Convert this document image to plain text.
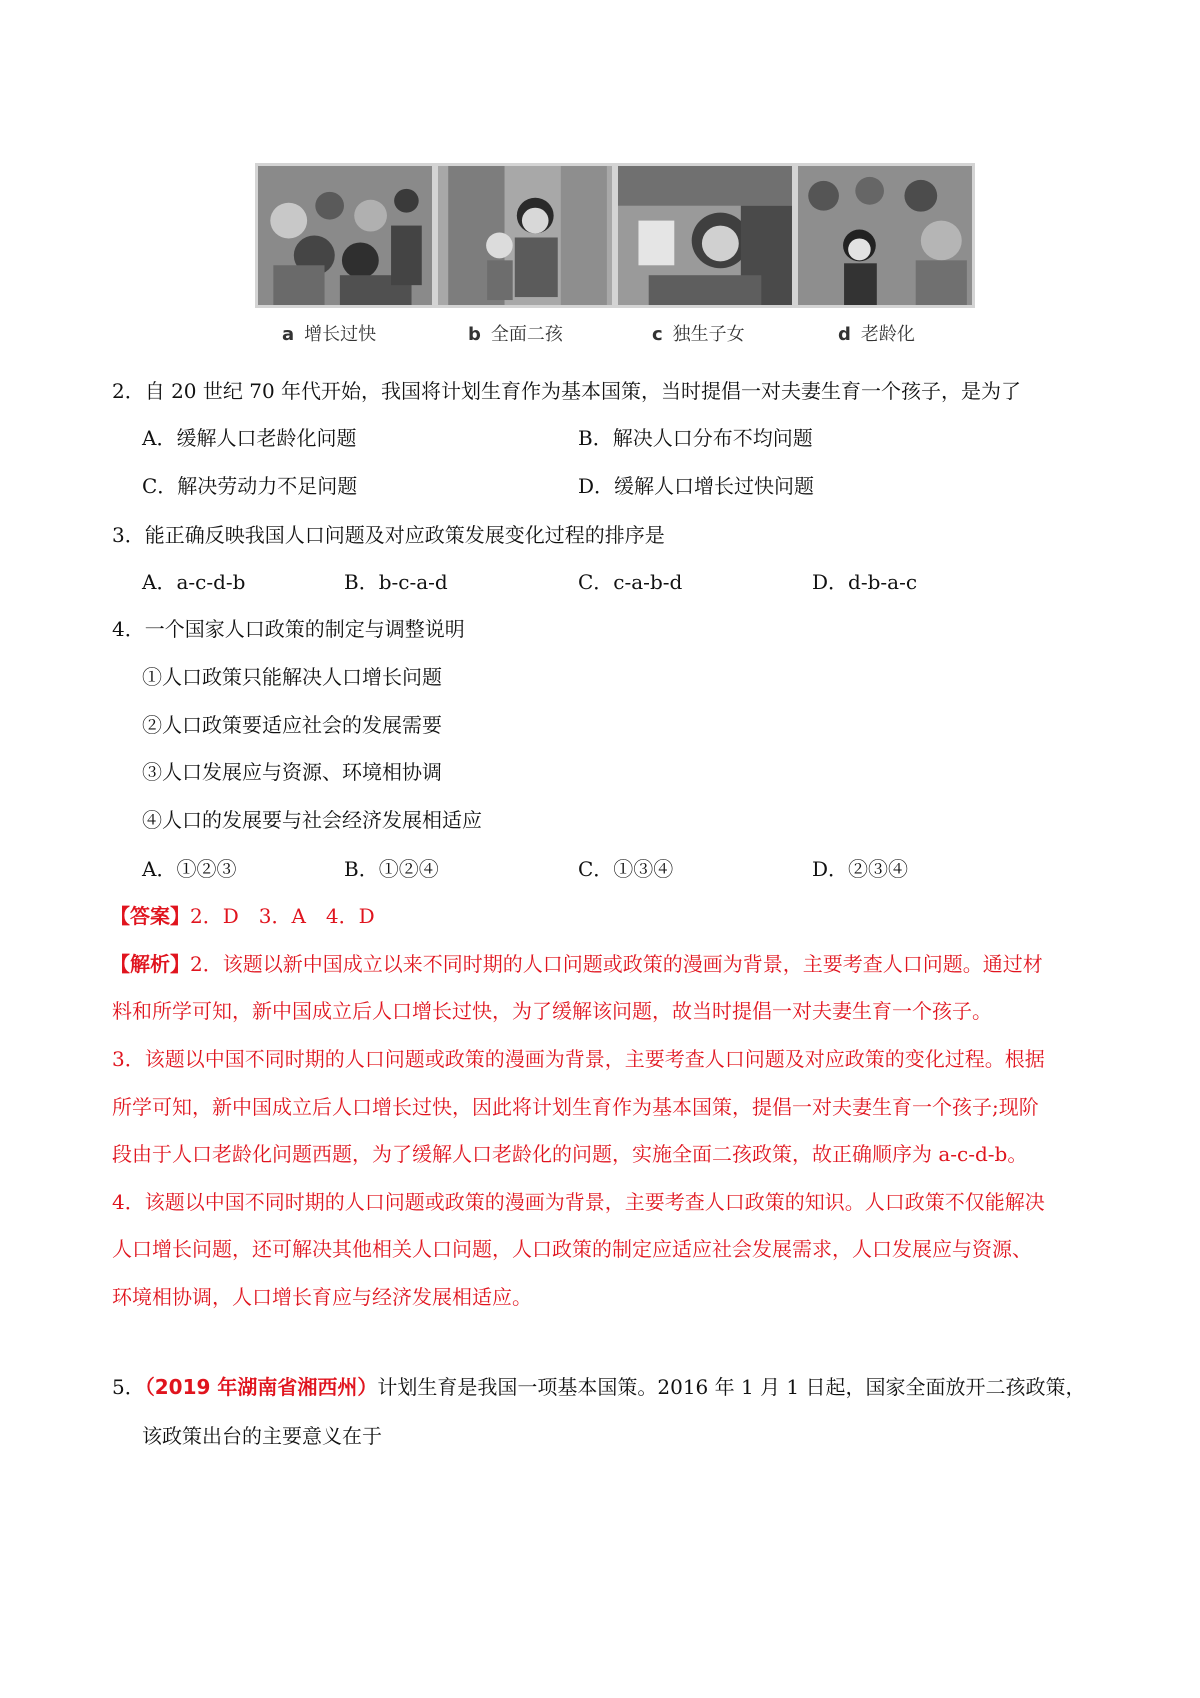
a 增长过快	b 全面二孩	c 独生子女	d 老龄化
2．自 20 世纪 70 年代开始，我国将计划生育作为基本国策，当时提倡一对夫妻生育一个孩子，是为了
A．缓解人口老龄化问题	B．解决人口分布不均问题
C．解决劳动力不足问题	D．缓解人口增长过快问题
3．能正确反映我国人口问题及对应政策发展变化过程的排序是
A．a-c-d-b	B．b-c-a-d	C．c-a-b-d	D．d-b-a-c
4．一个国家人口政策的制定与调整说明
①人口政策只能解决人口增长问题
②人口政策要适应社会的发展需要
③人口发展应与资源、环境相协调
④人口的发展要与社会经济发展相适应
A．①②③	B．①②④	C．①③④	D．②③④
【答案】2．D　3．A　4．D
【解析】2．该题以新中国成立以来不同时期的人口问题或政策的漫画为背景，主要考查人口问题。通过材
料和所学可知，新中国成立后人口增长过快，为了缓解该问题，故当时提倡一对夫妻生育一个孩子。
3．该题以中国不同时期的人口问题或政策的漫画为背景，主要考查人口问题及对应政策的变化过程。根据
所学可知，新中国成立后人口增长过快，因此将计划生育作为基本国策，提倡一对夫妻生育一个孩子;现阶
段由于人口老龄化问题西题，为了缓解人口老龄化的问题，实施全面二孩政策，故正确顺序为 a-c-d-b。
4．该题以中国不同时期的人口问题或政策的漫画为背景，主要考查人口政策的知识。人口政策不仅能解决
人口增长问题，还可解决其他相关人口问题，人口政策的制定应适应社会发展需求，人口发展应与资源、
环境相协调，人口增长育应与经济发展相适应。
5．（2019 年湖南省湘西州）计划生育是我国一项基本国策。2016 年 1 月 1 日起，国家全面放开二孩政策，
该政策出台的主要意义在于
